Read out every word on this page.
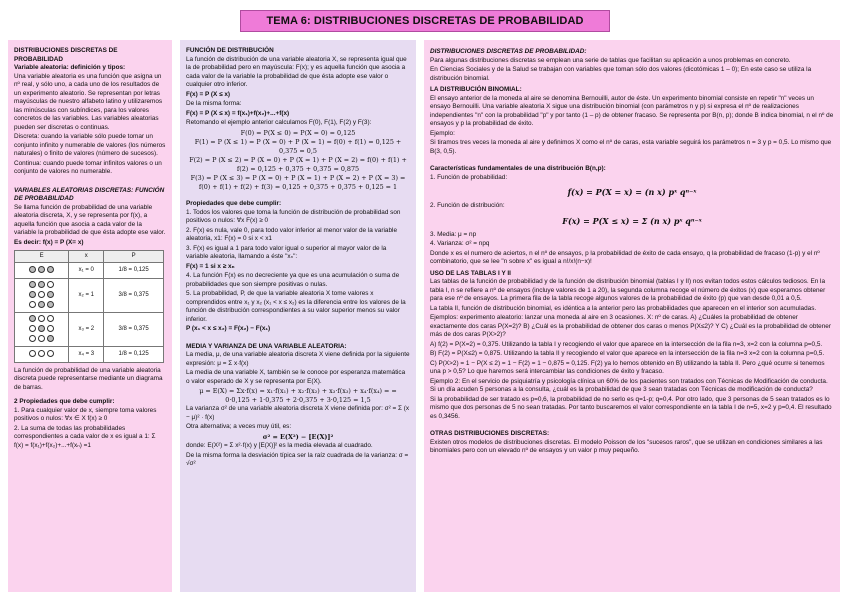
TEMA 6: DISTRIBUCIONES DISCRETAS DE PROBABILIDAD
DISTRIBUCIONES DISCRETAS DE PROBABILIDAD
Variable aleatoria: definición y tipos:
Una variable aleatoria es una función que asigna un nº real, y sólo uno, a cada uno de los resultados de un experimento aleatorio. Se representan por letras mayúsculas de nuestro alfabeto latino y utilizaremos las minúsculas con subíndices, para los valores concretos de las variables. Las variables aleatorias pueden ser discretas o continuas.
Discreta: cuando la variable sólo puede tomar un conjunto infinito y numerable de valores (los números naturales) o finito de valores (número de sucesos).
Continua: cuando puede tomar infinitos valores o un conjunto de valores no numerable.
VARIABLES ALEATORIAS DISCRETAS: FUNCIÓN DE PROBABILIDAD
Se llama función de probabilidad de una variable aleatoria discreta, X, y se representa por f(x), a aquella función que asocia a cada valor de la variable la probabilidad de que ésta adopte ese valor.
Es decir: f(x) = P (X= x)
E	x	P
	x₁ = 0	1/8 = 0,125

	x₂ = 1	3/8 = 0,375

	x₃ = 2	3/8 = 0,375
	x₄ = 3	1/8 = 0,125
La función de probabilidad de una variable aleatoria discreta puede representarse mediante un diagrama de barras.
2 Propiedades que debe cumplir:
1. Para cualquier valor de x, siempre toma valores positivos o nulos: ∀x ∈ X f(x) ≥ 0
2. La suma de todas las probabilidades correspondientes a cada valor de x es igual a 1: Σ f(x) = f(x₁)+f(x₂)+...+f(xₙ) =1
FUNCIÓN DE DISTRIBUCIÓN
La función de distribución de una variable aleatoria X, se representa igual que la de probabilidad pero en mayúscula: F(x); y es aquella función que asocia a cada valor de la variable la probabilidad de que ésta adopte ese valor o cualquier otro inferior.
F(x) = P (X ≤ x)
De la misma forma:
F(x) = P (X ≤ x) = f(x₁)+f(x₂)+...+f(x)
Retomando el ejemplo anterior calculamos F(0), F(1), F(2) y F(3):
F(0) = P(X ≤ 0) = P(X = 0) = 0,125
F(1) = P (X ≤ 1) = P (X = 0) + P (X = 1) = f(0) + f(1) = 0,125 + 0,375 = 0,5
F(2) = P (X ≤ 2) = P (X = 0) + P (X = 1) + P (X = 2) = f(0) + f(1) + f(2) = 0,125 + 0,375 + 0,375 = 0,875
F(3) = P (X ≤ 3) = P (X = 0) + P (X = 1) + P (X = 2) + P (X = 3) = f(0) + f(1) + f(2) + f(3) = 0,125 + 0,375 + 0,375 + 0,125 = 1
Propiedades que debe cumplir:
1. Todos los valores que toma la función de distribución de probabilidad son positivos o nulos: ∀x F(x) ≥ 0
2. F(x) es nula, vale 0, para todo valor inferior al menor valor de la variable aleatoria, x1: F(x) = 0 si x < x1
3. F(x) es igual a 1 para todo valor igual o superior al mayor valor de la variable aleatoria, llamando a éste "xₙ":
F(x) = 1 si x ≥ xₙ
4. La función F(x) es no decreciente ya que es una acumulación o suma de probabilidades que son siempre positivas o nulas.
5. La probabilidad, P, de que la variable aleatoria X tome valores x comprendidos entre x₁ y x₂ (x₁ < x ≤ x₂) es la diferencia entre los valores de la función de distribución correspondientes a su valor superior menos su valor inferior.
P (x₁ < x ≤ x₂) = F(x₂) − F(x₁)
MEDIA Y VARIANZA DE UNA VARIABLE ALEATORIA:
La media, μ, de una variable aleatoria discreta X viene definida por la siguiente expresión: μ = Σ x·f(x)
La media de una variable X, también se le conoce por esperanza matemática o valor esperado de X y se representa por E(X).
μ = E(X) = Σx·f(x) = x₁·f(x₁) + x₂·f(x₂) + x₃·f(x₃) + x₄·f(x₄) = = 0·0,125 + 1·0,375 + 2·0,375 + 3·0,125 = 1,5
La varianza σ² de una variable aleatoria discreta X viene definida por: σ² = Σ (x − μ)² · f(x)
Otra alternativa; a veces muy útil, es:
σ² = E(X²) − [E(X)]²
donde: E(X²) = Σ x²·f(x) y [E(X)]² es la media elevada al cuadrado.
De la misma forma la desviación típica ser la raíz cuadrada de la varianza: σ = √σ²
DISTRIBUCIONES DISCRETAS DE PROBABILIDAD:
Para algunas distribuciones discretas se emplean una serie de tablas que facilitan su aplicación a unos problemas en concreto.
En Ciencias Sociales y de la Salud se trabajan con variables que toman sólo dos valores (dicotómicas 1 – 0); En este caso se utiliza la distribución binomial.
LA DISTRIBUCIÓN BINOMIAL:
El ensayo anterior de la moneda al aire se denomina Bernouilli, autor de éste. Un experimento binomial consiste en repetir "n" veces un ensayo Bernouilli. Una variable aleatoria X sigue una distribución binomial (con parámetros n y p) si expresa el nº de realizaciones independientes "n" con la probabilidad "p" y por tanto (1 – p) de obtener fracaso. Se representa por B(n, p); donde B indica binomial, n el nº de ensayos y p la probabilidad de éxito.
Ejemplo:
Si tiramos tres veces la moneda al aire y definimos X como el nº de caras, esta variable seguirá los parámetros n = 3 y p = 0,5. Lo mismo que B(3, 0,5).
Características fundamentales de una distribución B(n,p):
1. Función de probabilidad:
f(x) = P(X = x) = (n x) pˣ qⁿ⁻ˣ
2. Función de distribución:
F(x) = P(X ≤ x) = Σ (n x) pˣ qⁿ⁻ˣ
3. Media: μ = np
4. Varianza: σ² = npq
Donde x es el numero de aciertos, n el nº de ensayos, p la probabilidad de éxito de cada ensayo, q la probabilidad de fracaso (1-p) y el nº combinatorio, que se lee "n sobre x" es igual a n!/x!(n−x)!
USO DE LAS TABLAS I Y II
Las tablas de la función de probabilidad y de la función de distribución binomial (tablas I y II) nos evitan todos estos cálculos tediosos. En la tabla I, n se refiere a nº de ensayos (incluye valores de 1 a 20), la segunda columna recoge el número de éxitos (x) que esperamos obtener para ese nº de ensayos. La primera fila de la tabla recoge algunos valores de la probabilidad de éxito (p) que van desde 0,01 a 0,5.
La tabla II, función de distribución binomial, es idéntica a la anterior pero las probabilidades que aparecen en el interior son acumuladas.
Ejemplos: experimento aleatorio: lanzar una moneda al aire en 3 ocasiones. X: nº de caras. A) ¿Cuáles la probabilidad de obtener exactamente dos caras P(X=2)? B) ¿Cuál es la probabilidad de obtener dos caras o menos P(X≤2)? Y C) ¿Cuál es la probabilidad de obtener más de dos caras P(X>2)?
A) f(2) = P(X=2) = 0,375. Utilizando la tabla I y recogiendo el valor que aparece en la intersección de la fila n=3, x=2 con la columna p=0,5.
B) F(2) = P(X≤2) = 0,875. Utilizando la tabla II y recogiendo el valor que aparece en la intersección de la fila n=3 x=2 con la columna p=0,5.
C) P(X>2) = 1 − P(X ≤ 2) = 1 − F(2) = 1 − 0,875 = 0,125. F(2) ya lo hemos obtenido en B) utilizando la tabla II. Pero ¿qué ocurre si tenemos una p > 0,5? Lo que haremos será intercambiar las condiciones de éxito y fracaso.
Ejemplo 2: En el servicio de psiquiatría y psicología clínica un 60% de los pacientes son tratados con Técnicas de Modificación de conducta. Si un día acuden 5 personas a la consulta, ¿cuál es la probabilidad de que 3 sean tratadas con Técnicas de modificación de conducta?
Si la probabilidad de ser tratado es p=0,6, la probabilidad de no serlo es q=1-p; q=0,4. Por otro lado, que 3 personas de 5 sean tratados es lo mismo que dos personas de 5 no sean tratadas. Por tanto buscaremos el valor correspondiente en la tabla I de n=5, x=2 y p=0,4. El resultado es 0,3456.
OTRAS DISTRIBUCIONES DISCRETAS:
Existen otros modelos de distribuciones discretas. El modelo Poisson de los "sucesos raros", que se utilizan en condiciones similares a las binomiales pero con un elevado nº de ensayos y un valor p muy pequeño.
